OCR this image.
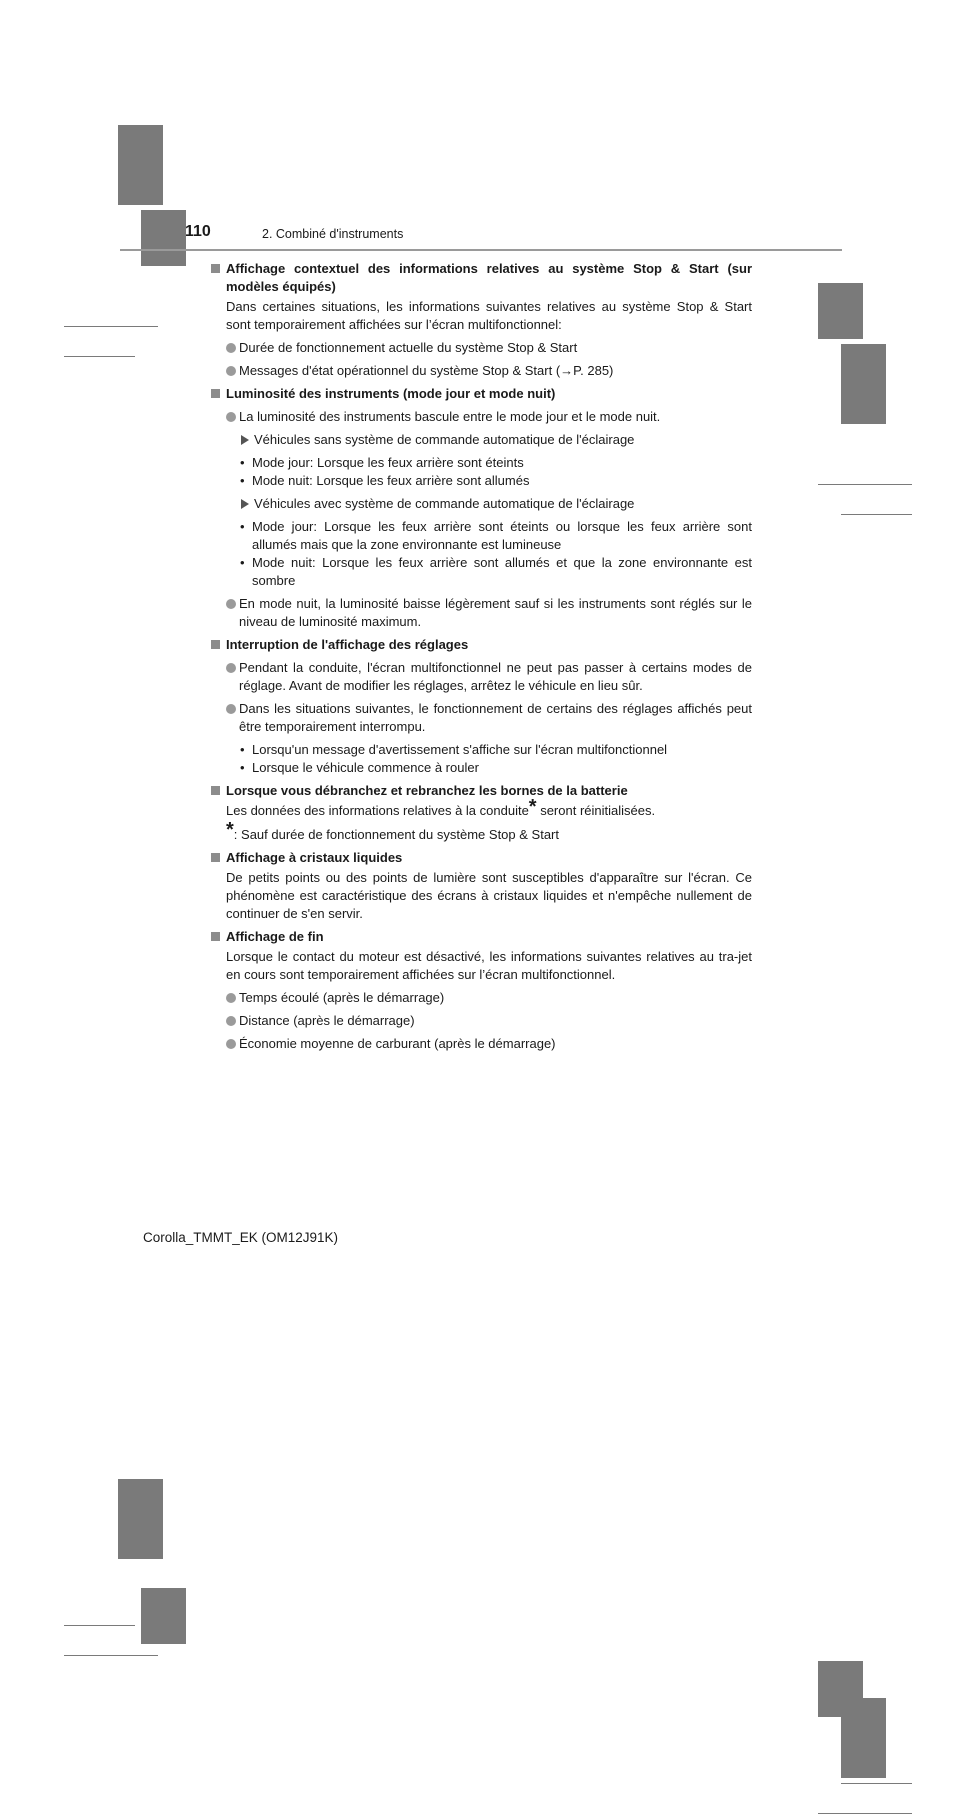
110	2. Combiné d'instruments
Affichage contextuel des informations relatives au système Stop & Start (sur modèles équipés)
Dans certaines situations, les informations suivantes relatives au système Stop & Start sont temporairement affichées sur l’écran multifonctionnel:
Durée de fonctionnement actuelle du système Stop & Start
Messages d'état opérationnel du système Stop & Start (→P. 285)
Luminosité des instruments (mode jour et mode nuit)
La luminosité des instruments bascule entre le mode jour et le mode nuit.
Véhicules sans système de commande automatique de l'éclairage
• Mode jour: Lorsque les feux arrière sont éteints
• Mode nuit: Lorsque les feux arrière sont allumés
Véhicules avec système de commande automatique de l'éclairage
• Mode jour: Lorsque les feux arrière sont éteints ou lorsque les feux arrière sont allumés mais que la zone environnante est lumineuse
• Mode nuit: Lorsque les feux arrière sont allumés et que la zone environnante est sombre
En mode nuit, la luminosité baisse légèrement sauf si les instruments sont réglés sur le niveau de luminosité maximum.
Interruption de l'affichage des réglages
Pendant la conduite, l'écran multifonctionnel ne peut pas passer à certains modes de réglage. Avant de modifier les réglages, arrêtez le véhicule en lieu sûr.
Dans les situations suivantes, le fonctionnement de certains des réglages affichés peut être temporairement interrompu.
• Lorsqu'un message d'avertissement s'affiche sur l'écran multifonctionnel
• Lorsque le véhicule commence à rouler
Lorsque vous débranchez et rebranchez les bornes de la batterie
Les données des informations relatives à la conduite* seront réinitialisées.
*: Sauf durée de fonctionnement du système Stop & Start
Affichage à cristaux liquides
De petits points ou des points de lumière sont susceptibles d'apparaître sur l'écran. Ce phénomène est caractéristique des écrans à cristaux liquides et n'empêche nullement de continuer de s'en servir.
Affichage de fin
Lorsque le contact du moteur est désactivé, les informations suivantes relatives au tra-jet en cours sont temporairement affichées sur l’écran multifonctionnel.
Temps écoulé (après le démarrage)
Distance (après le démarrage)
Économie moyenne de carburant (après le démarrage)
Corolla_TMMT_EK (OM12J91K)
